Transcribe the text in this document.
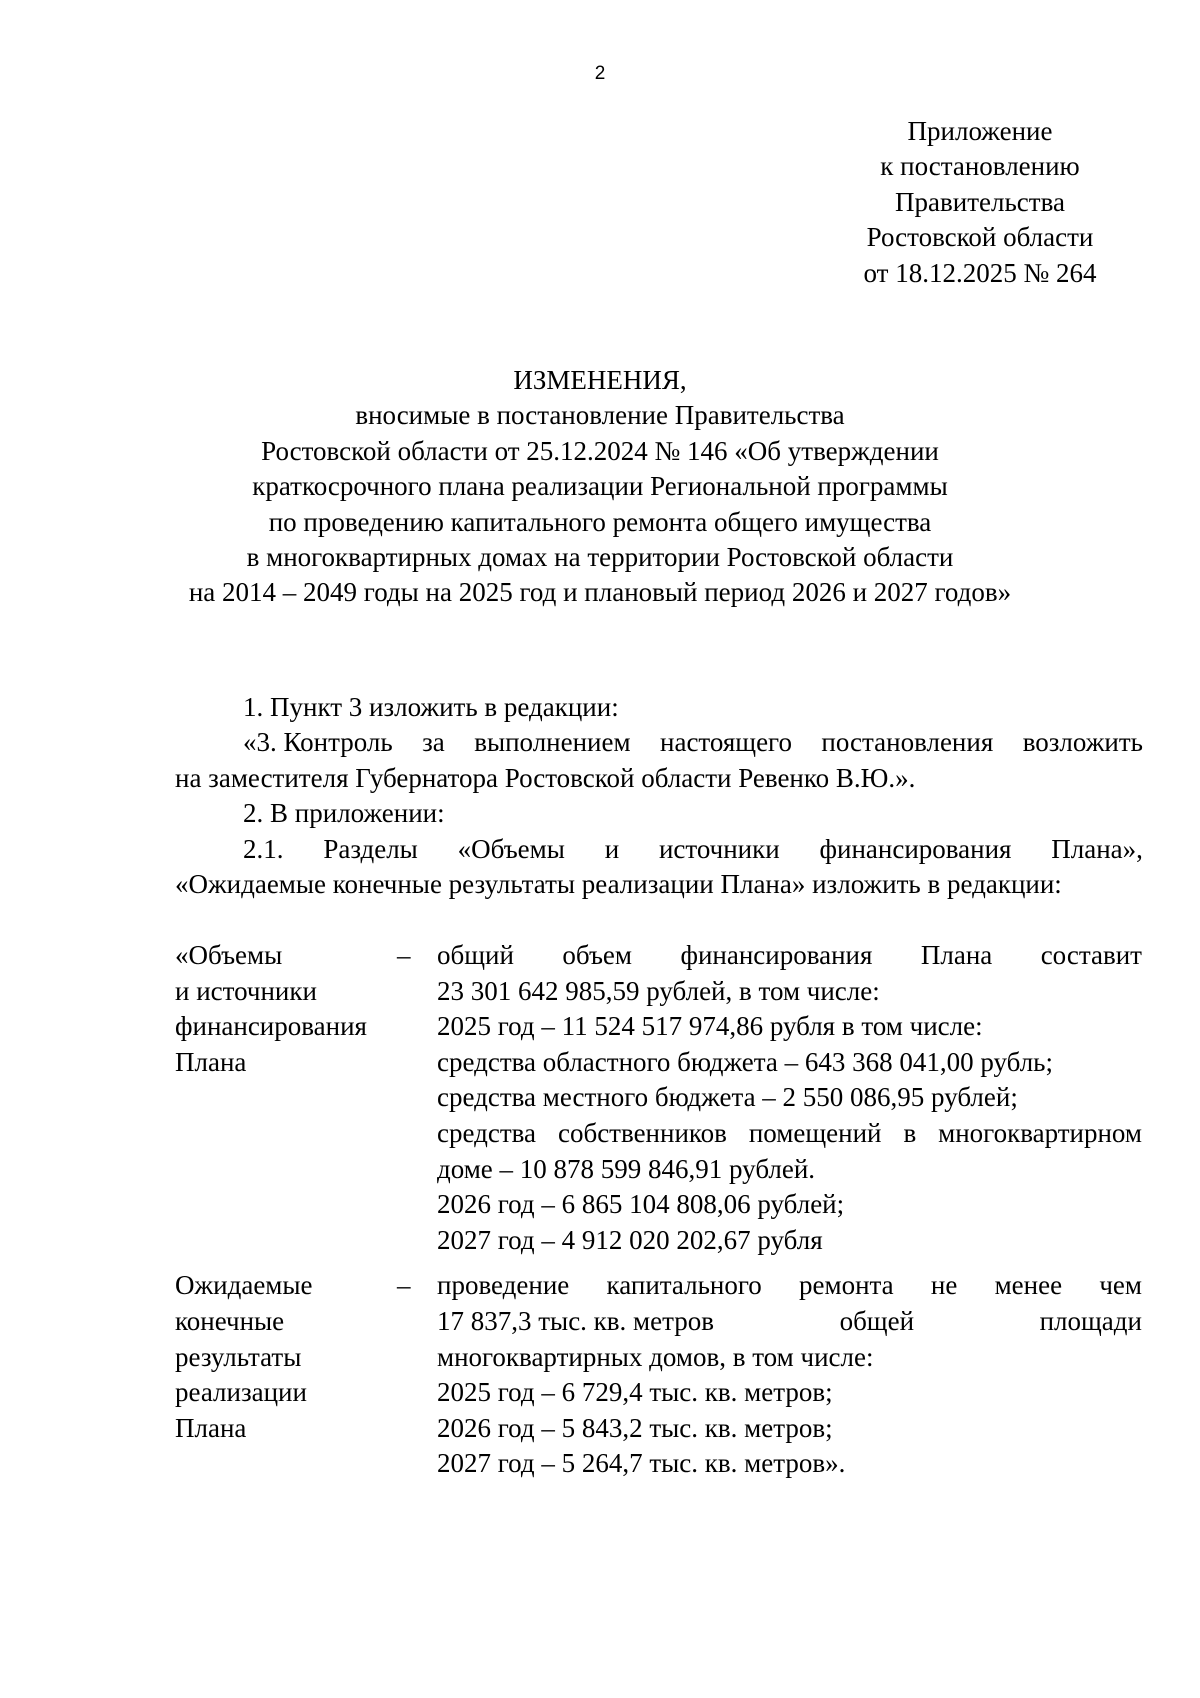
2
Приложение
к постановлению
Правительства
Ростовской области
от 18.12.2025 № 264
ИЗМЕНЕНИЯ,
вносимые в постановление Правительства
Ростовской области от 25.12.2024 № 146 «Об утверждении
краткосрочного плана реализации Региональной программы
по проведению капитального ремонта общего имущества
в многоквартирных домах на территории Ростовской области
на 2014 – 2049 годы на 2025 год и плановый период 2026 и 2027 годов»

1. Пункт 3 изложить в редакции:

«3. Контроль за выполнением настоящего постановления возложить
на заместителя Губернатора Ростовской области Ревенко В.Ю.».

2. В приложении:

2.1. Разделы «Объемы и источники финансирования Плана»,
«Ожидаемые конечные результаты реализации Плана» изложить в редакции:
«Объемы
и источники
финансирования
Плана
– общий объем финансирования Плана составит
23 301 642 985,59 рублей, в том числе:
2025 год – 11 524 517 974,86 рубля в том числе:
средства областного бюджета – 643 368 041,00 рубль;
средства местного бюджета – 2 550 086,95 рублей;
средства собственников помещений в многоквартирном
доме – 10 878 599 846,91 рублей.
2026 год – 6 865 104 808,06 рублей;
2027 год – 4 912 020 202,67 рубля
Ожидаемые
конечные
результаты
реализации
Плана
– проведение капитального ремонта не менее чем
17 837,3 тыс. кв. метров	общей	площади
многоквартирных домов, в том числе:
2025 год – 6 729,4 тыс. кв. метров;
2026 год – 5 843,2 тыс. кв. метров;
2027 год – 5 264,7 тыс. кв. метров».
